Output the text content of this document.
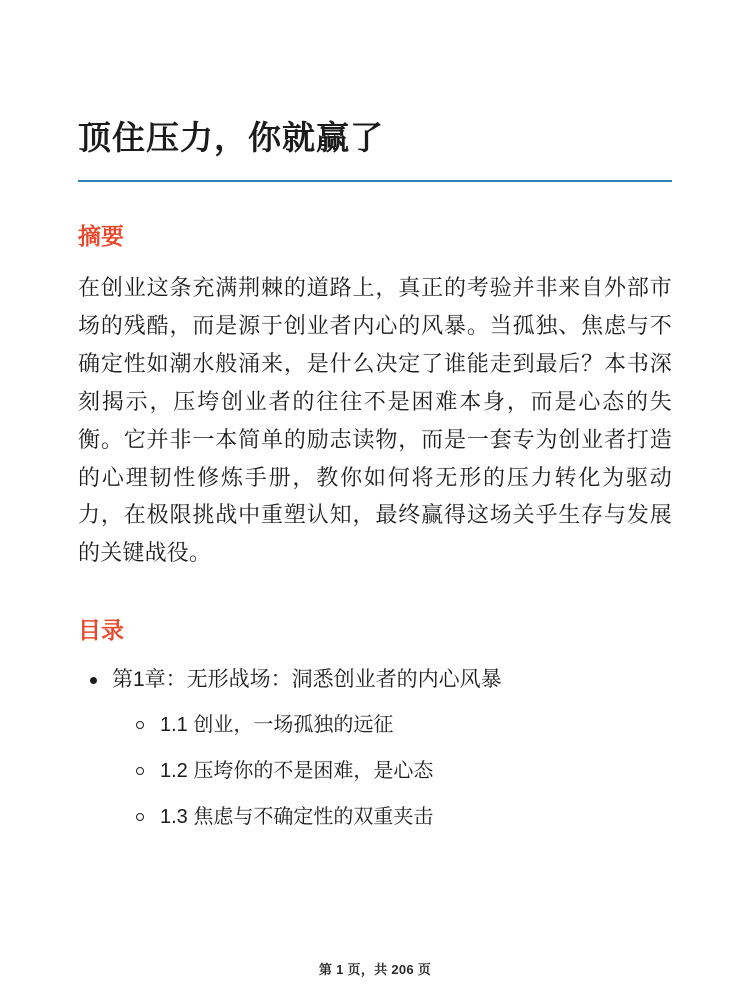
顶住压力，你就赢了
摘要

在创业这条充满荆棘的道路上，真正的考验并非来自外部市场的残酷，而是源于创业者内心的风暴。当孤独、焦虑与不确定性如潮水般涌来，是什么决定了谁能走到最后？本书深刻揭示，压垮创业者的往往不是困难本身，而是心态的失衡。它并非一本简单的励志读物，而是一套专为创业者打造的心理韧性修炼手册，教你如何将无形的压力转化为驱动力，在极限挑战中重塑认知，最终赢得这场关乎生存与发展的关键战役。

目录
第1章：无形战场：洞悉创业者的内心风暴
1.1 创业，一场孤独的远征
1.2 压垮你的不是困难，是心态
1.3 焦虑与不确定性的双重夹击
第 1 页，共 206 页
